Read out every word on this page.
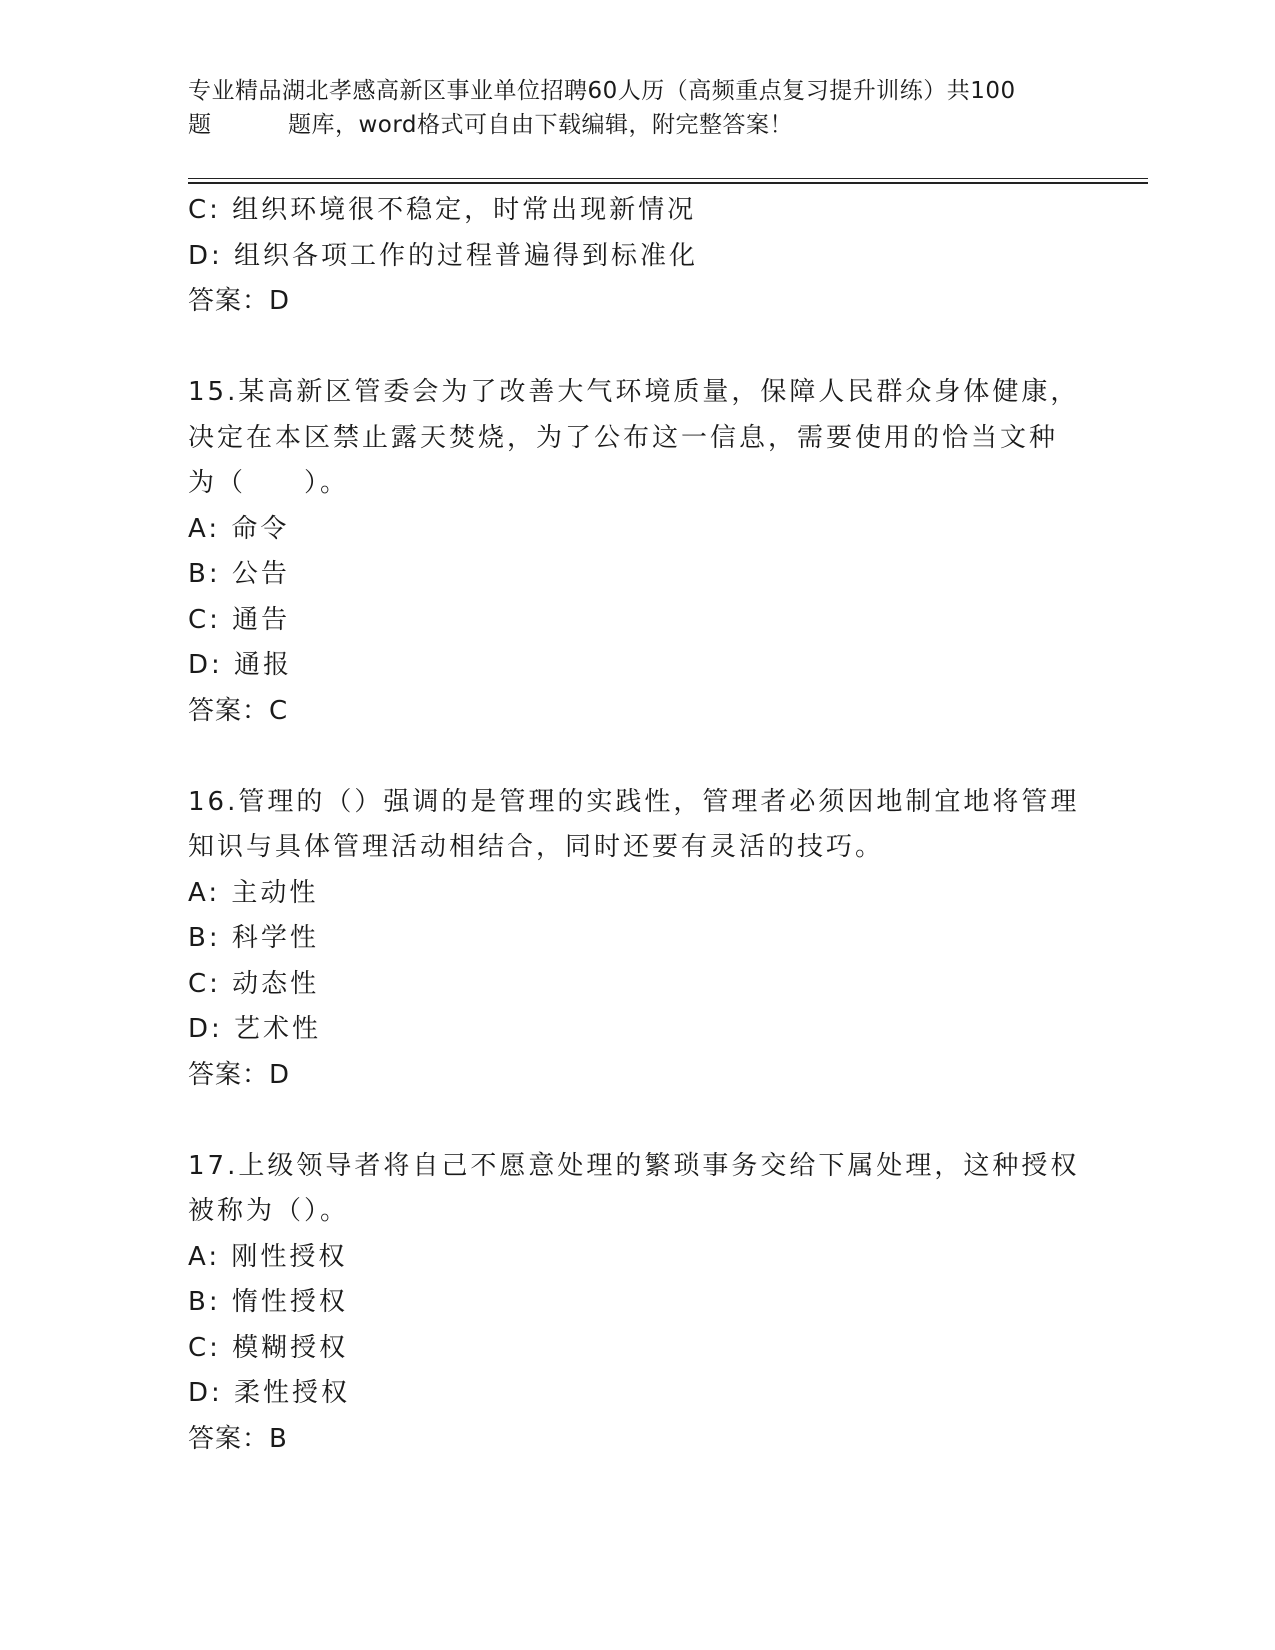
专业精品湖北孝感高新区事业单位招聘60人历（高频重点复习提升训练）共100
题	题库，word格式可自由下载编辑，附完整答案！
C: 组织环境很不稳定，时常出现新情况
D: 组织各项工作的过程普遍得到标准化
答案：D
15.某高新区管委会为了改善大气环境质量，保障人民群众身体健康，
决定在本区禁止露天焚烧，为了公布这一信息，需要使用的恰当文种
为（　　）。
A: 命令
B: 公告
C: 通告
D: 通报
答案：C
16.管理的（）强调的是管理的实践性，管理者必须因地制宜地将管理
知识与具体管理活动相结合，同时还要有灵活的技巧。
A: 主动性
B: 科学性
C: 动态性
D: 艺术性
答案：D
17.上级领导者将自己不愿意处理的繁琐事务交给下属处理，这种授权
被称为（）。
A: 刚性授权
B: 惰性授权
C: 模糊授权
D: 柔性授权
答案：B
